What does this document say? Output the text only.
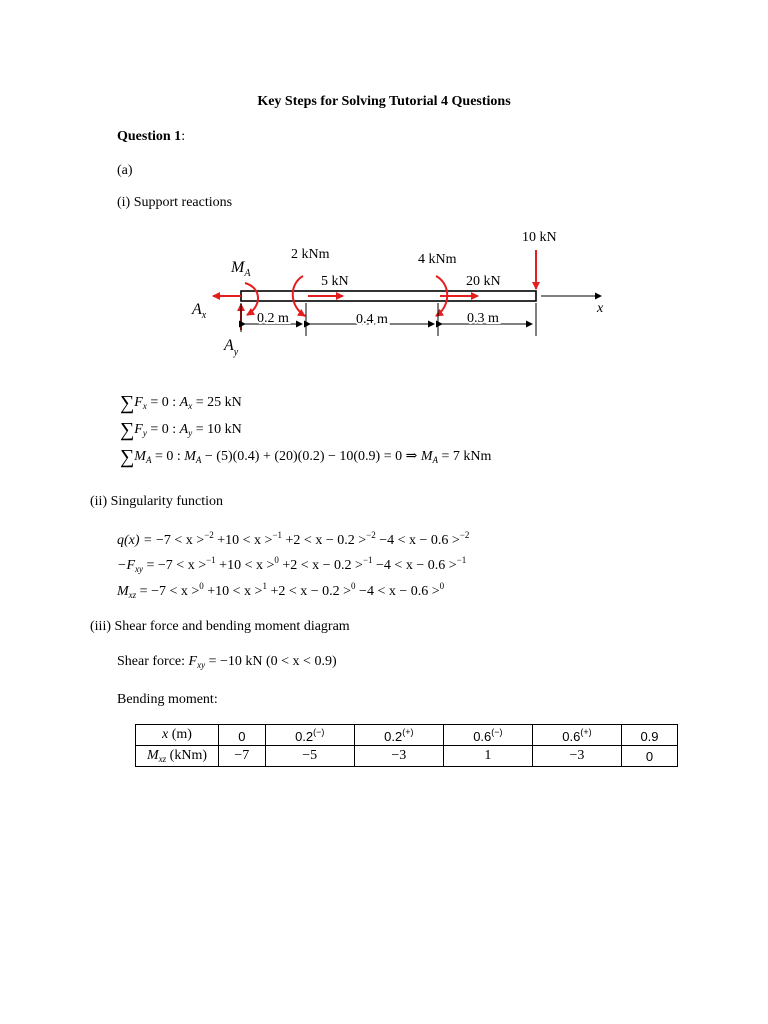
Key Steps for Solving Tutorial 4 Questions
Question 1:
(a)
(i) Support reactions
x
$A_x$
$A_y$
$M_A$
2 kNm
5 kN
4 kNm
20 kN
10 kN
0.2 m	0.4 m	0.3 m
$\sum F_x = 0$ : $A_x = 25$ kN
$\sum F_y = 0$ : $A_y = 10$ kN
$\sum M_A = 0$ : $M_A - (5)(0.4) + (20)(0.2) - 10(0.9) = 0$ ⇒ $M_A = 7$ kNm
(ii) Singularity function
q(x) = −7 < x >$^{-2}$ +10 < x >$^{-1}$ +2 < x − 0.2 >$^{-2}$ −4 < x − 0.6 >$^{-2}$
$-F_{xy} = -7 < x >^{-1} +10 < x >^0 +2 < x - 0.2 >^{-1} -4 < x - 0.6 >^{-1}$
$M_{xz} = -7 < x >^0 +10 < x >^1 +2 < x - 0.2 >^0 -4 < x - 0.6 >^0$
(iii) Shear force and bending moment diagram
Shear force: $F_{xy} = -10$ kN (0 < x < 0.9)
Bending moment:
x (m)	0	0.2(−)	0.2(+)	0.6(−)	0.6(+)	0.9
$M_{xz}$ (kNm)	−7	−5	−3	1	−3	0
